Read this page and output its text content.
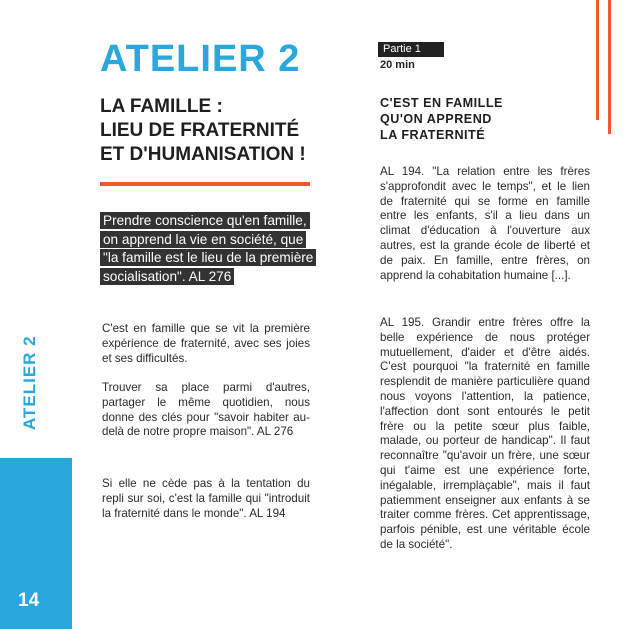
ATELIER 2
LA FAMILLE :
LIEU DE FRATERNITÉ
ET D'HUMANISATION !
Prendre conscience qu'en famille, on apprend la vie en société, que "la famille est le lieu de la première socialisation". AL 276
C'est en famille que se vit la première expérience de fraternité, avec ses joies et ses difficultés.
Trouver sa place parmi d'autres, partager le même quotidien, nous donne des clés pour "savoir habiter au-delà de notre propre maison". AL 276
Si elle ne cède pas à la tentation du repli sur soi, c'est la famille qui "introduit la fraternité dans le monde". AL 194
ATELIER 2
14
Partie 1
20 min
C'EST EN FAMILLE
QU'ON APPREND
LA FRATERNITÉ
AL 194. "La relation entre les frères s'approfondit avec le temps", et le lien de fraternité qui se forme en famille entre les enfants, s'il a lieu dans un climat d'éducation à l'ouverture aux autres, est la grande école de liberté et de paix. En famille, entre frères, on apprend la cohabitation humaine [...].
AL 195. Grandir entre frères offre la belle expérience de nous protéger mutuellement, d'aider et d'être aidés. C'est pourquoi "la fraternité en famille resplendit de manière particulière quand nous voyons l'attention, la patience, l'affection dont sont entourés le petit frère ou la petite sœur plus faible, malade, ou porteur de handicap". Il faut reconnaître "qu'avoir un frère, une sœur qui t'aime est une expérience forte, inégalable, irremplaçable", mais il faut patiemment enseigner aux enfants à se traiter comme frères. Cet apprentissage, parfois pénible, est une véritable école de la société".
